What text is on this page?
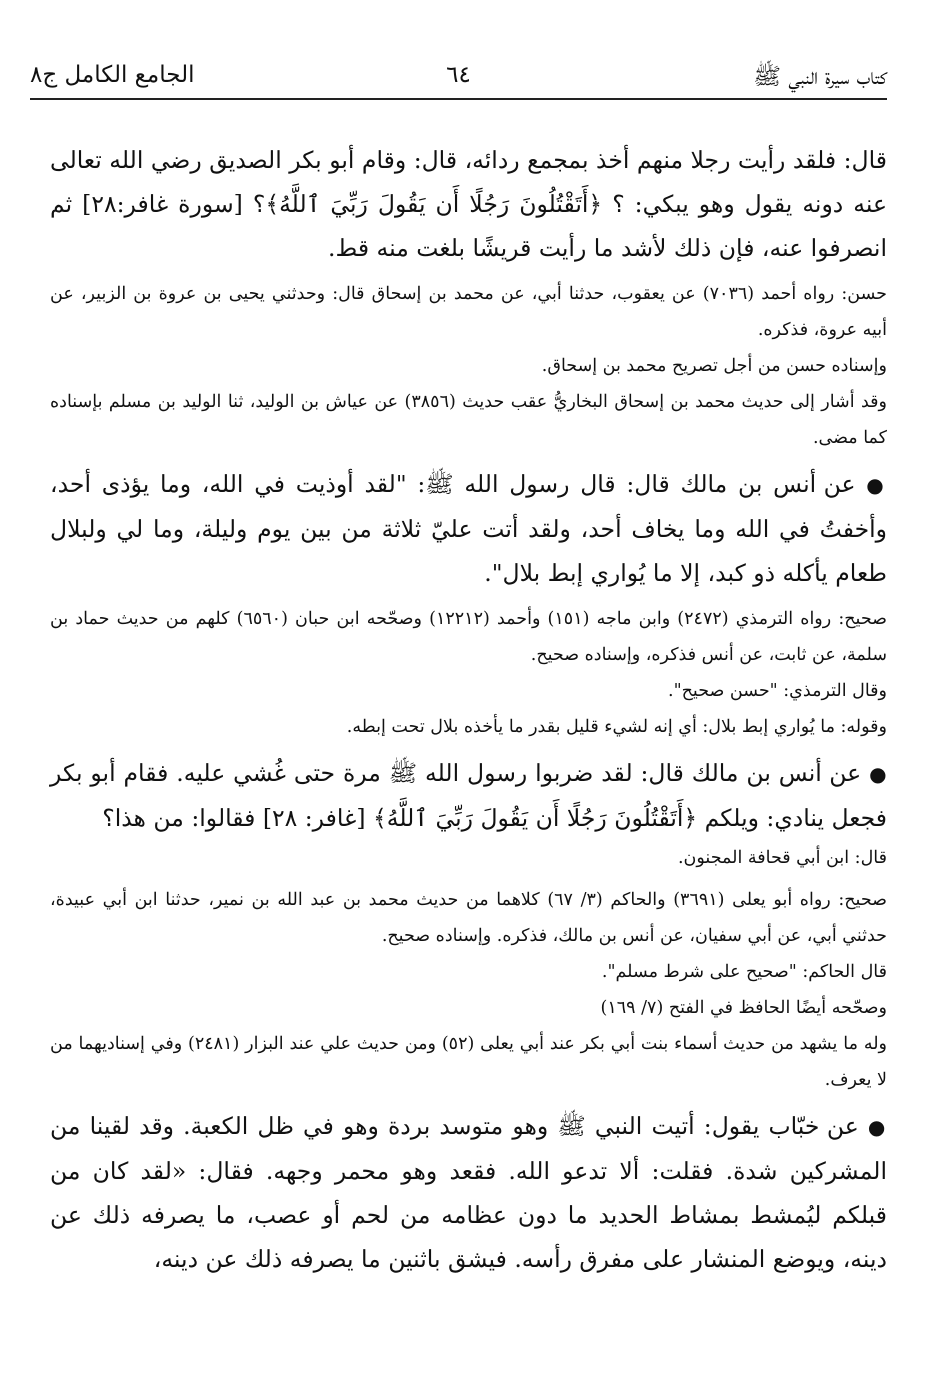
كتاب سيرة النبي ﷺ
٦٤
الجامع الكامل ج٨

قال: فلقد رأيت رجلا منهم أخذ بمجمع ردائه، قال: وقام أبو بكر الصديق رضي الله تعالى عنه دونه يقول وهو يبكي: ؟ ﴿أَتَقْتُلُونَ رَجُلًا أَن يَقُولَ رَبِّيَ ٱللَّهُ﴾؟ [سورة غافر:٢٨] ثم انصرفوا عنه، فإن ذلك لأشد ما رأيت قريشًا بلغت منه قط.

حسن: رواه أحمد (٧٠٣٦) عن يعقوب، حدثنا أبي، عن محمد بن إسحاق قال: وحدثني يحيى بن عروة بن الزبير، عن أبيه عروة، فذكره.

وإسناده حسن من أجل تصريح محمد بن إسحاق.

وقد أشار إلى حديث محمد بن إسحاق البخاريُّ عقب حديث (٣٨٥٦) عن عياش بن الوليد، ثنا الوليد بن مسلم بإسناده كما مضى.

● عن أنس بن مالك قال: قال رسول الله ﷺ: "لقد أوذيت في الله، وما يؤذى أحد، وأخفتُ في الله وما يخاف أحد، ولقد أتت عليّ ثلاثة من بين يوم وليلة، وما لي ولبلال طعام يأكله ذو كبد، إلا ما يُواري إبط بلال".

صحيح: رواه الترمذي (٢٤٧٢) وابن ماجه (١٥١) وأحمد (١٢٢١٢) وصحّحه ابن حبان (٦٥٦٠) كلهم من حديث حماد بن سلمة، عن ثابت، عن أنس فذكره، وإسناده صحيح.

وقال الترمذي: "حسن صحيح".

وقوله: ما يُواري إبط بلال: أي إنه لشيء قليل بقدر ما يأخذه بلال تحت إبطه.

● عن أنس بن مالك قال: لقد ضربوا رسول الله ﷺ مرة حتى غُشي عليه. فقام أبو بكر فجعل ينادي: ويلكم ﴿أَتَقْتُلُونَ رَجُلًا أَن يَقُولَ رَبِّيَ ٱللَّهُ﴾ [غافر: ٢٨] فقالوا: من هذا؟

قال: ابن أبي قحافة المجنون.

صحيح: رواه أبو يعلى (٣٦٩١) والحاكم (٣/ ٦٧) كلاهما من حديث محمد بن عبد الله بن نمير، حدثنا ابن أبي عبيدة، حدثني أبي، عن أبي سفيان، عن أنس بن مالك، فذكره. وإسناده صحيح.

قال الحاكم: "صحيح على شرط مسلم".

وصحّحه أيضًا الحافظ في الفتح (٧/ ١٦٩)

وله ما يشهد من حديث أسماء بنت أبي بكر عند أبي يعلى (٥٢) ومن حديث علي عند البزار (٢٤٨١) وفي إسناديهما من لا يعرف.

● عن خبّاب يقول: أتيت النبي ﷺ وهو متوسد بردة وهو في ظل الكعبة. وقد لقينا من المشركين شدة. فقلت: ألا تدعو الله. فقعد وهو محمر وجهه. فقال: «لقد كان من قبلكم ليُمشط بمشاط الحديد ما دون عظامه من لحم أو عصب، ما يصرفه ذلك عن دينه، ويوضع المنشار على مفرق رأسه. فيشق باثنين ما يصرفه ذلك عن دينه،
